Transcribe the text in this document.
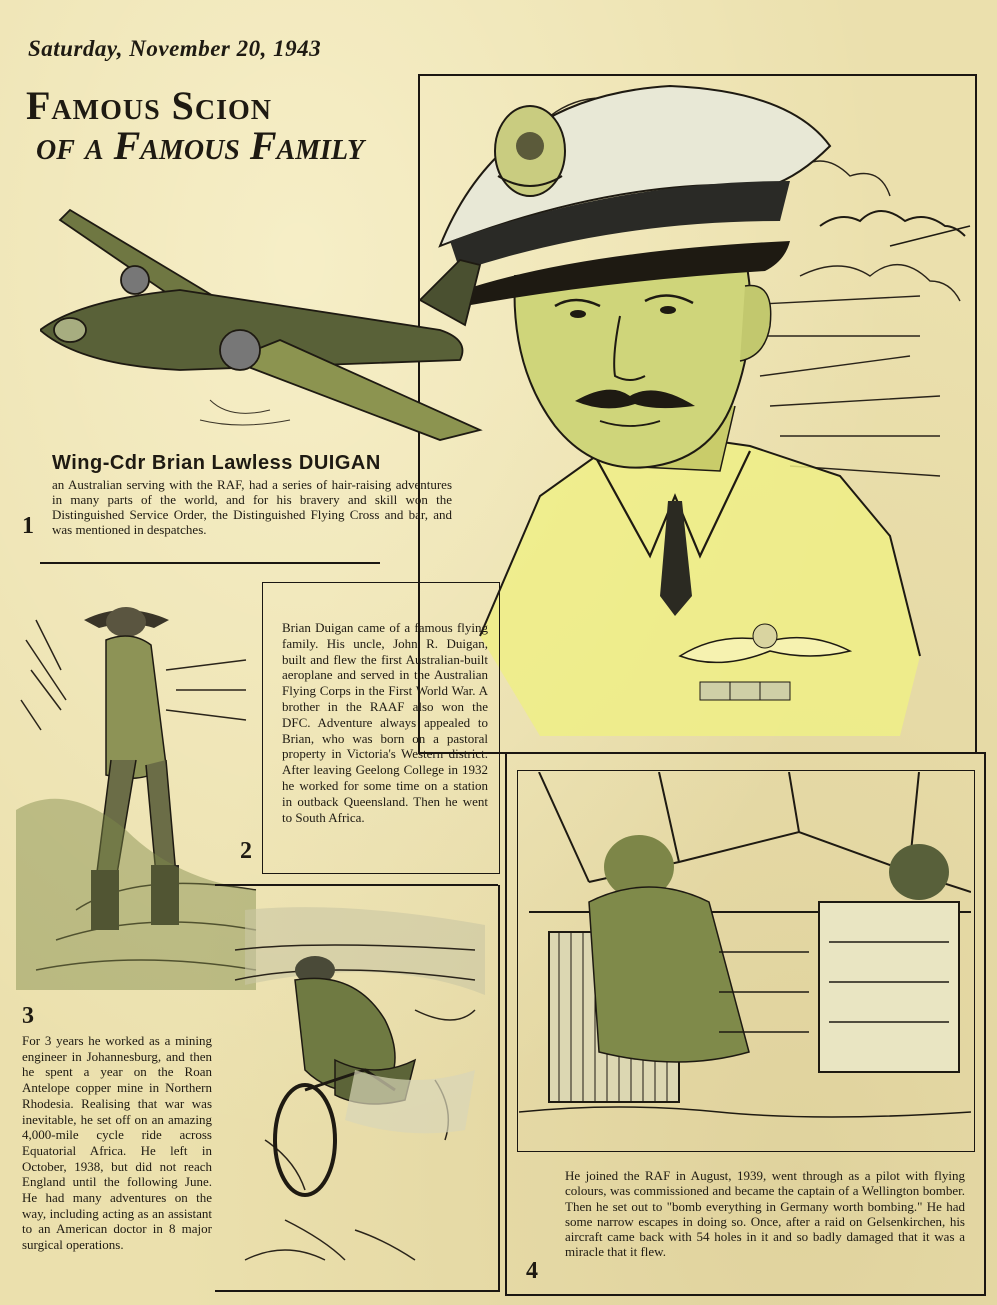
Saturday, November 20, 1943
Famous Scion
of a Famous Family
Wing-Cdr Brian Lawless DUIGAN
an Australian serving with the RAF, had a series of hair-raising adventures in many parts of the world, and for his bravery and skill won the Distinguished Service Order, the Distinguished Flying Cross and bar, and was mentioned in despatches.
1
Brian Duigan came of a famous flying family. His uncle, John R. Duigan, built and flew the first Australian-built aeroplane and served in the Australian Flying Corps in the First World War. A brother in the RAAF also won the DFC. Adventure always appealed to Brian, who was born on a pastoral property in Victoria's Western district. After leaving Geelong College in 1932 he worked for some time on a station in outback Queensland. Then he went to South Africa.
2
For 3 years he worked as a mining engineer in Johannesburg, and then he spent a year on the Roan Antelope copper mine in Northern Rhodesia. Realising that war was inevitable, he set off on an amazing 4,000-mile cycle ride across Equatorial Africa. He left in October, 1938, but did not reach England until the following June. He had many adventures on the way, including acting as an assistant to an American doctor in 8 major surgical operations.
3
He joined the RAF in August, 1939, went through as a pilot with flying colours, was commissioned and became the captain of a Wellington bomber. Then he set out to "bomb everything in Germany worth bombing." He had some narrow escapes in doing so. Once, after a raid on Gelsenkirchen, his aircraft came back with 54 holes in it and so badly damaged that it was a miracle that it flew.
4
